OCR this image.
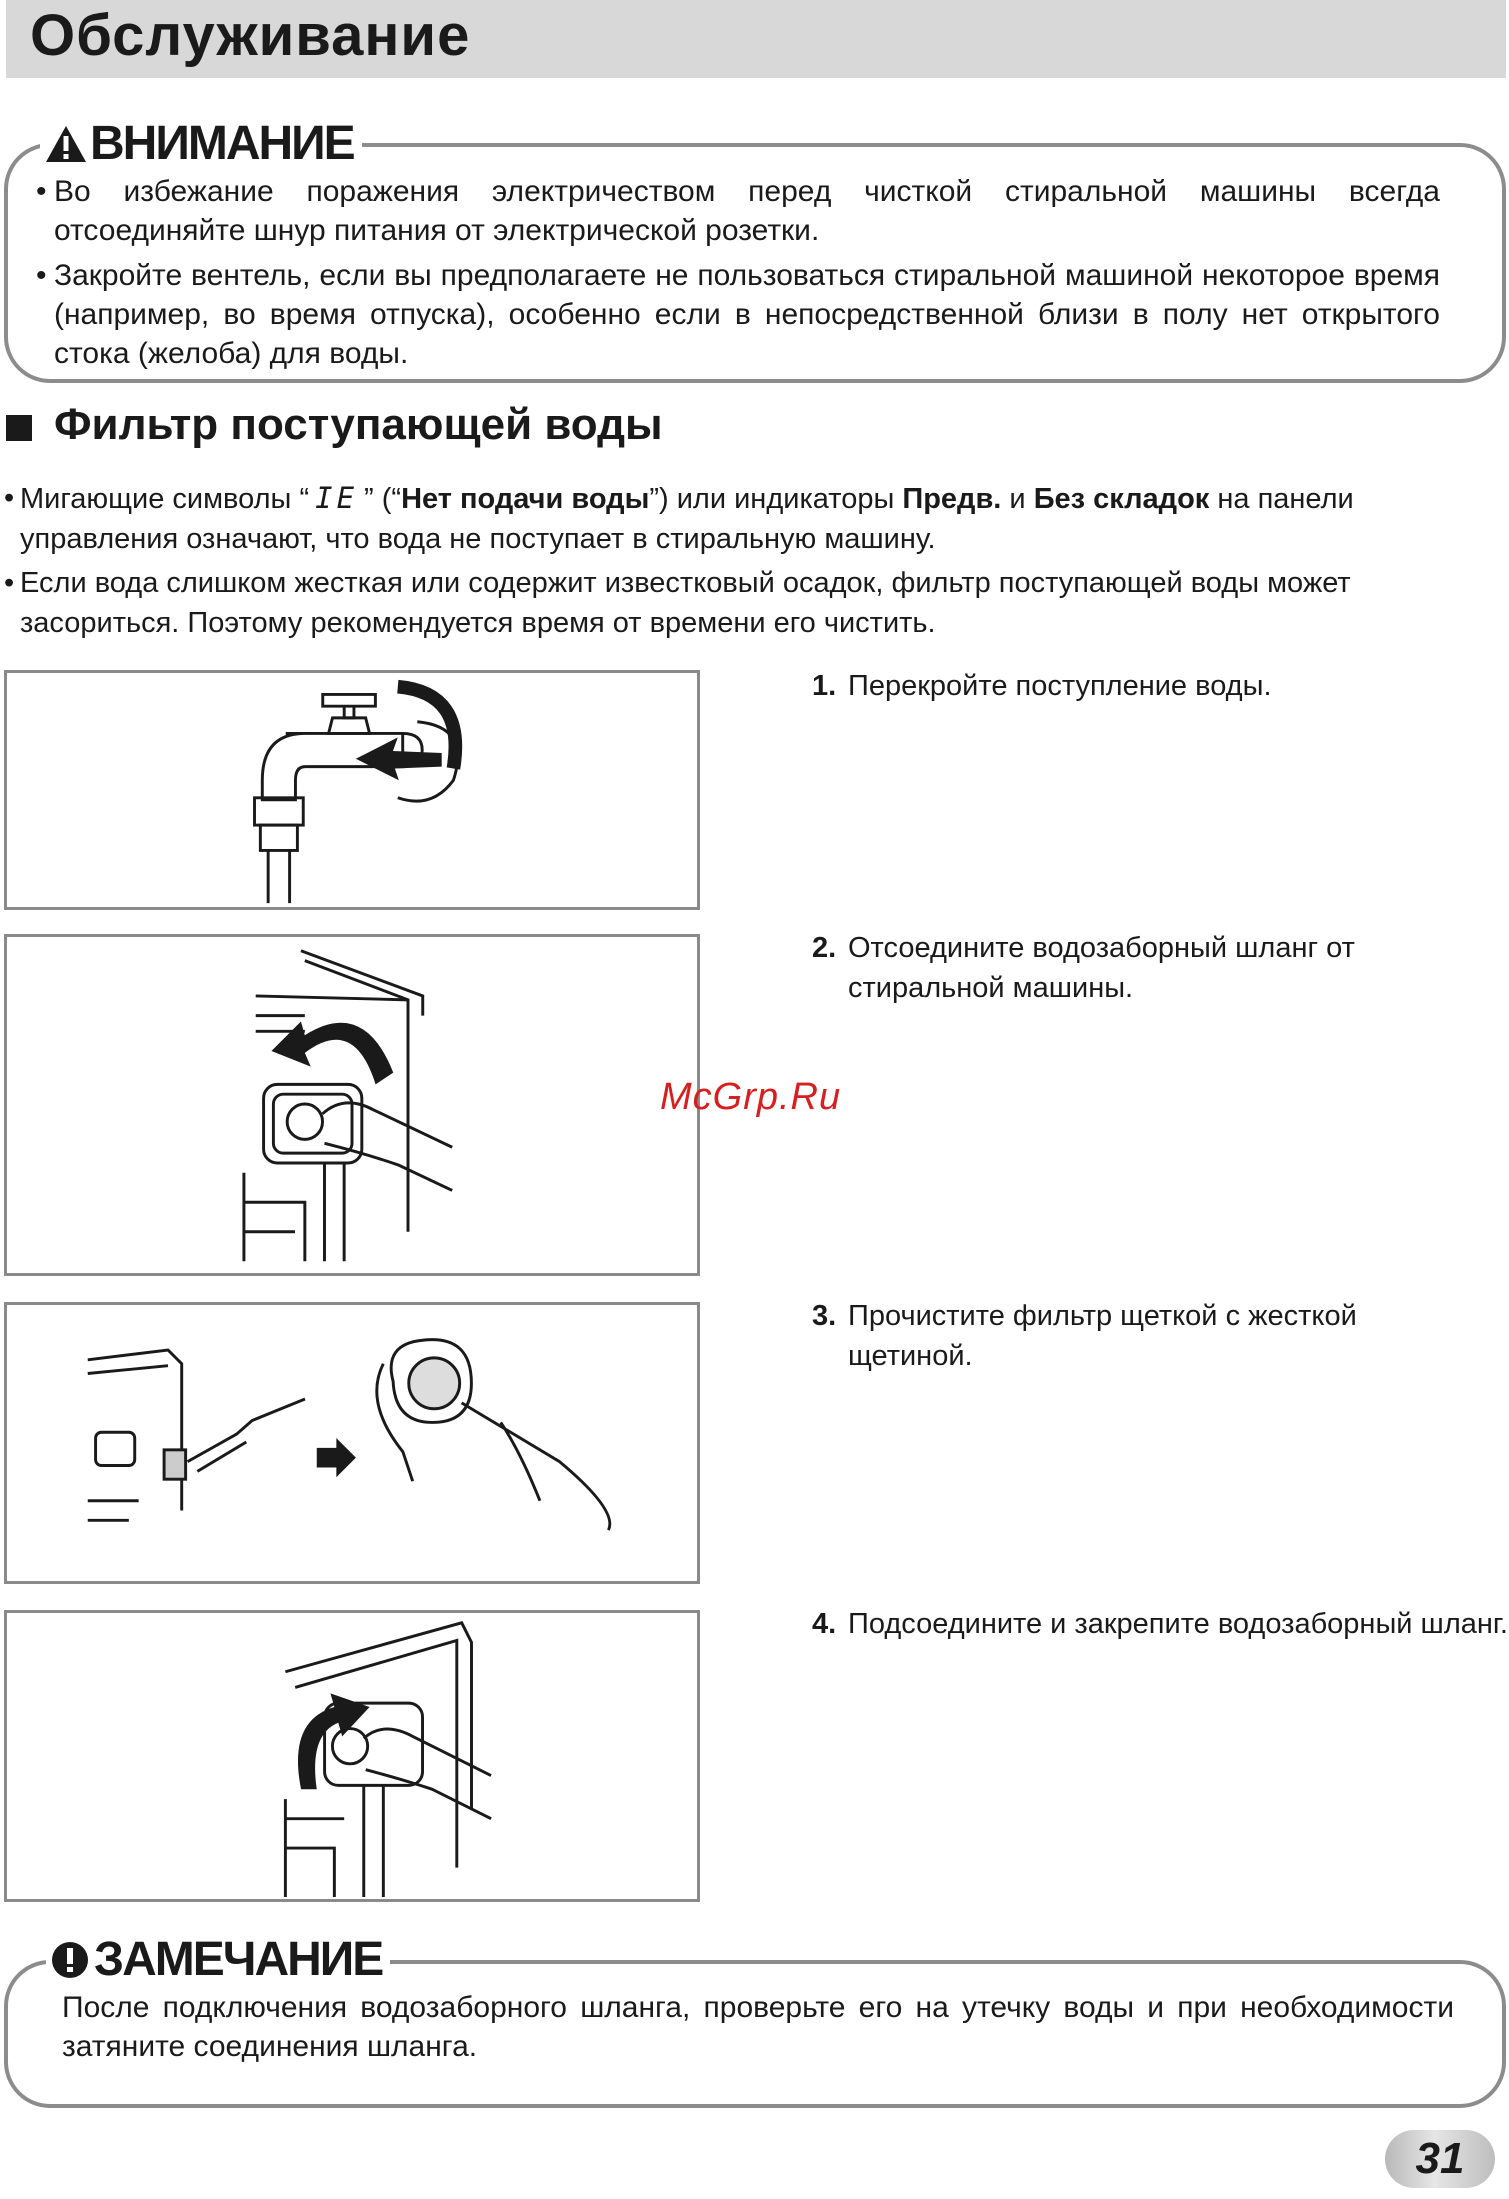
Обслуживание
ВНИМАНИЕ
• Во избежание поражения электричеством перед чисткой стиральной машины всегда отсоединяйте шнур питания от электрической розетки.
• Закройте вентель, если вы предполагаете не пользоваться стиральной машиной некоторое время (например, во время отпуска), особенно если в непосредственной близи в полу нет открытого стока (желоба) для воды.
Фильтр поступающей воды
• Мигающие символы “ IE ” (“Нет подачи воды”) или индикаторы Предв. и Без складок на панели управления означают, что вода не поступает в стиральную машину.
• Если вода слишком жесткая или содержит известковый осадок, фильтр поступающей воды может засориться. Поэтому рекомендуется время от времени его чистить.
1. Перекройте поступление воды.
2. Отсоедините водозаборный шланг от стиральной машины.
3. Прочистите фильтр щеткой с жесткой щетиной.
4. Подсоедините и закрепите водозаборный шланг.
McGrp.Ru
ЗАМЕЧАНИЕ
После подключения водозаборного шланга, проверьте его на утечку воды и при необходимости затяните соединения шланга.
31
